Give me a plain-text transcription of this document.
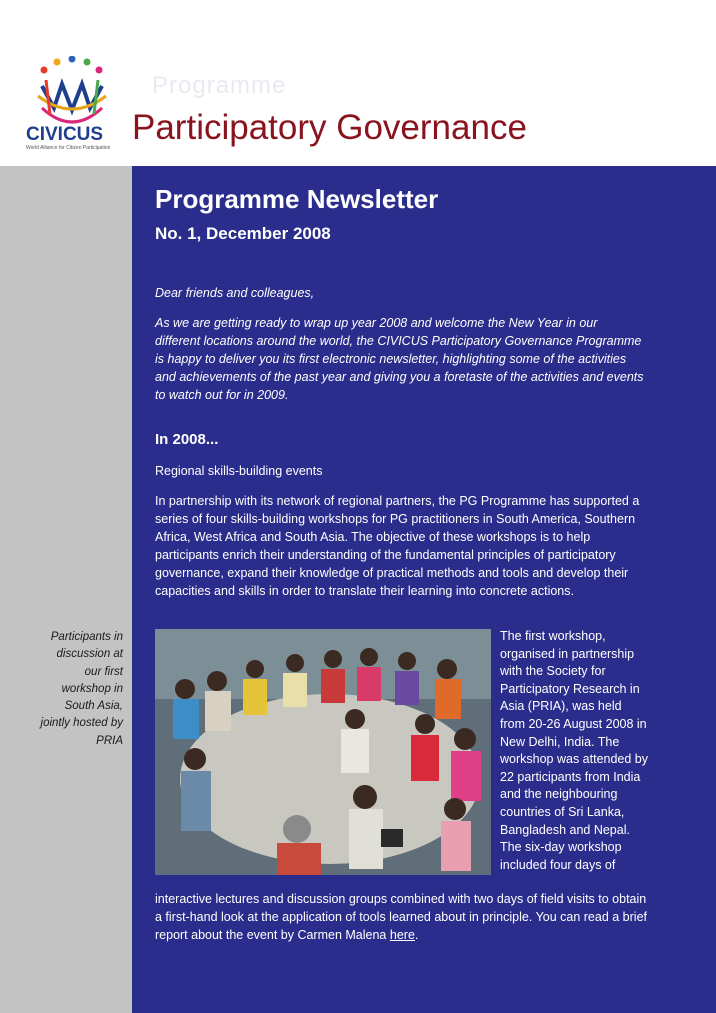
CIVICUS
World Alliance for Citizen Participation
Programme
Participatory Governance
Programme Newsletter
No. 1, December 2008
Dear friends and colleagues,
As we are getting ready to wrap up year 2008 and welcome the New Year in our different locations around the world, the CIVICUS Participatory Governance Programme is happy to deliver you its first electronic newsletter, highlighting some of the activities and achievements of the past year and giving you a foretaste of the activities and events to watch out for in 2009.
In 2008...
Regional skills-building events
In partnership with its network of regional partners, the PG Programme has supported a series of four skills-building workshops for PG practitioners in South America, Southern Africa, West Africa and South Asia. The objective of these workshops is to help participants enrich their understanding of the fundamental principles of participatory governance, expand their knowledge of practical methods and tools and develop their capacities and skills in order to translate their learning into concrete actions.
The first workshop, organised in partnership with the Society for Participatory Research in Asia (PRIA), was held from 20-26 August 2008 in New Delhi, India. The workshop was attended by 22 participants from India and the neighbouring countries of Sri Lanka, Bangladesh and Nepal. The six-day workshop included four days of
interactive lectures and discussion groups combined with two days of field visits to obtain a first-hand look at the application of tools learned about in principle. You can read a brief report about the event by Carmen Malena here.
Participants in discussion at our first workshop in South Asia, jointly hosted by PRIA
